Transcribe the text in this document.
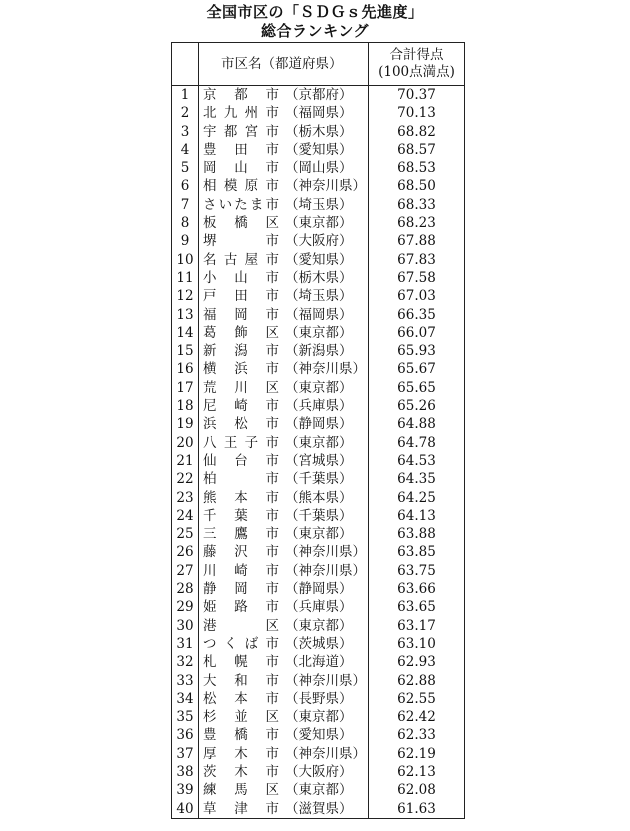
全国市区の「ＳＤＧｓ先進度」
総合ランキング
	市区名（都道府県）	合計得点
(100点満点)

1	京都市 （京都府）	70.37
2	北九州市 （福岡県）	70.13
3	宇都宮市 （栃木県）	68.82
4	豊田市 （愛知県）	68.57
5	岡山市 （岡山県）	68.53
6	相模原市 （神奈川県）	68.50
7	さいたま市 （埼玉県）	68.33
8	板橋区 （東京都）	68.23
9	堺市 （大阪府）	67.88
10	名古屋市 （愛知県）	67.83
11	小山市 （栃木県）	67.58
12	戸田市 （埼玉県）	67.03
13	福岡市 （福岡県）	66.35
14	葛飾区 （東京都）	66.07
15	新潟市 （新潟県）	65.93
16	横浜市 （神奈川県）	65.67
17	荒川区 （東京都）	65.65
18	尼崎市 （兵庫県）	65.26
19	浜松市 （静岡県）	64.88
20	八王子市 （東京都）	64.78
21	仙台市 （宮城県）	64.53
22	柏市 （千葉県）	64.35
23	熊本市 （熊本県）	64.25
24	千葉市 （千葉県）	64.13
25	三鷹市 （東京都）	63.88
26	藤沢市 （神奈川県）	63.85
27	川崎市 （神奈川県）	63.75
28	静岡市 （静岡県）	63.66
29	姫路市 （兵庫県）	63.65
30	港区 （東京都）	63.17
31	つくば市 （茨城県）	63.10
32	札幌市 （北海道）	62.93
33	大和市 （神奈川県）	62.88
34	松本市 （長野県）	62.55
35	杉並区 （東京都）	62.42
36	豊橋市 （愛知県）	62.33
37	厚木市 （神奈川県）	62.19
38	茨木市 （大阪府）	62.13
39	練馬区 （東京都）	62.08
40	草津市 （滋賀県）	61.63
